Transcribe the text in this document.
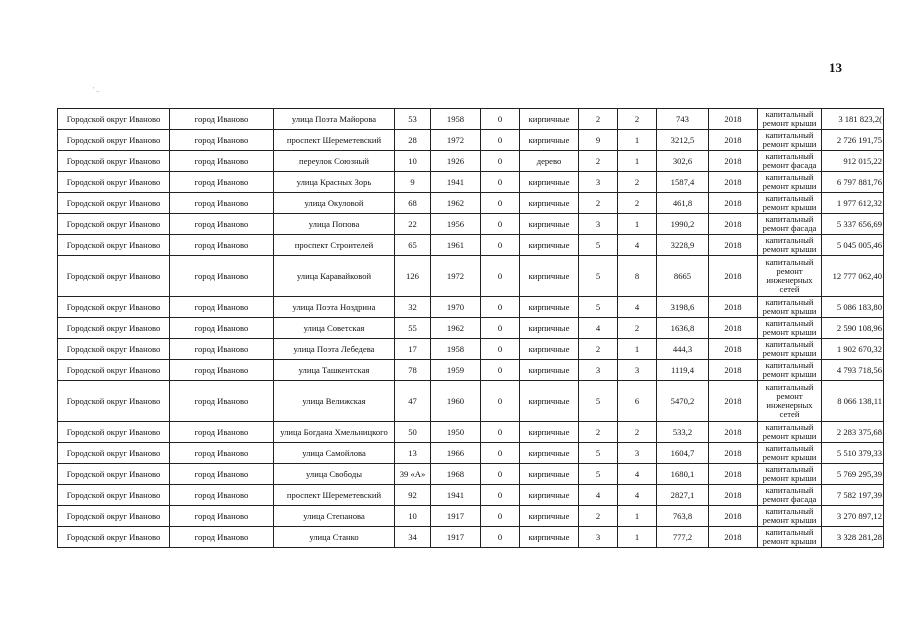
13
' ..
Городской округ Иваново	город Иваново	улица Поэта Майорова	53	1958	0	кирпичные	2	2	743	2018	капитальный ремонт крыши	3 181 823,2(
Городской округ Иваново	город Иваново	проспект Шереметевский	28	1972	0	кирпичные	9	1	3212,5	2018	капитальный ремонт крыши	2 726 191,75
Городской округ Иваново	город Иваново	переулок Союзный	10	1926	0	дерево	2	1	302,6	2018	капитальный ремонт фасада	912 015,22
Городской округ Иваново	город Иваново	улица Красных Зорь	9	1941	0	кирпичные	3	2	1587,4	2018	капитальный ремонт крыши	6 797 881,76
Городской округ Иваново	город Иваново	улица Окуловой	68	1962	0	кирпичные	2	2	461,8	2018	капитальный ремонт крыши	1 977 612,32
Городской округ Иваново	город Иваново	улица Попова	22	1956	0	кирпичные	3	1	1990,2	2018	капитальный ремонт фасада	5 337 656,69
Городской округ Иваново	город Иваново	проспект Строителей	65	1961	0	кирпичные	5	4	3228,9	2018	капитальный ремонт крыши	5 045 005,46
Городской округ Иваново	город Иваново	улица Каравайковой	126	1972	0	кирпичные	5	8	8665	2018	капитальный ремонт инженерных сетей	12 777 062,40
Городской округ Иваново	город Иваново	улица Поэта Ноздрина	32	1970	0	кирпичные	5	4	3198,6	2018	капитальный ремонт крыши	5 086 183,80
Городской округ Иваново	город Иваново	улица Советская	55	1962	0	кирпичные	4	2	1636,8	2018	капитальный ремонт крыши	2 590 108,96
Городской округ Иваново	город Иваново	улица Поэта Лебедева	17	1958	0	кирпичные	2	1	444,3	2018	капитальный ремонт крыши	1 902 670,32
Городской округ Иваново	город Иваново	улица Ташкентская	78	1959	0	кирпичные	3	3	1119,4	2018	капитальный ремонт крыши	4 793 718,56
Городской округ Иваново	город Иваново	улица Велижская	47	1960	0	кирпичные	5	6	5470,2	2018	капитальный ремонт инженерных сетей	8 066 138,11
Городской округ Иваново	город Иваново	улица Богдана Хмельницкого	50	1950	0	кирпичные	2	2	533,2	2018	капитальный ремонт крыши	2 283 375,68
Городской округ Иваново	город Иваново	улица Самойлова	13	1966	0	кирпичные	5	3	1604,7	2018	капитальный ремонт крыши	5 510 379,33
Городской округ Иваново	город Иваново	улица Свободы	39 «А»	1968	0	кирпичные	5	4	1680,1	2018	капитальный ремонт крыши	5 769 295,39
Городской округ Иваново	город Иваново	проспект Шереметевский	92	1941	0	кирпичные	4	4	2827,1	2018	капитальный ремонт фасада	7 582 197,39
Городской округ Иваново	город Иваново	улица Степанова	10	1917	0	кирпичные	2	1	763,8	2018	капитальный ремонт крыши	3 270 897,12
Городской округ Иваново	город Иваново	улица Станко	34	1917	0	кирпичные	3	1	777,2	2018	капитальный ремонт крыши	3 328 281,28
